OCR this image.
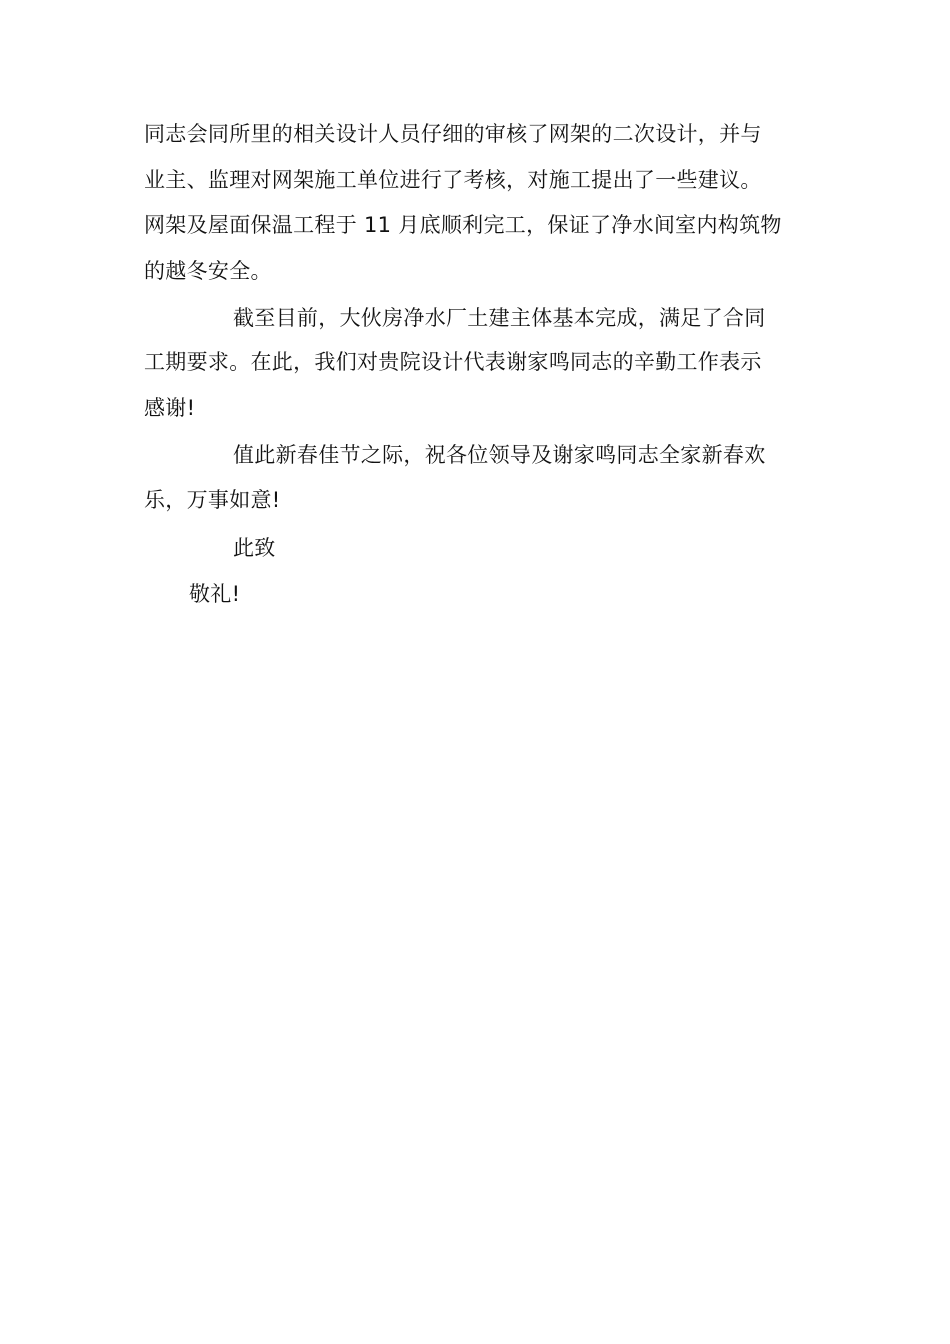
同志会同所里的相关设计人员仔细的审核了网架的二次设计，并与
业主、监理对网架施工单位进行了考核，对施工提出了一些建议。
网架及屋面保温工程于 11 月底顺利完工，保证了净水间室内构筑物
的越冬安全。
截至目前，大伙房净水厂土建主体基本完成，满足了合同
工期要求。在此，我们对贵院设计代表谢家鸣同志的辛勤工作表示
感谢!
值此新春佳节之际，祝各位领导及谢家鸣同志全家新春欢
乐，万事如意!
此致
敬礼!
